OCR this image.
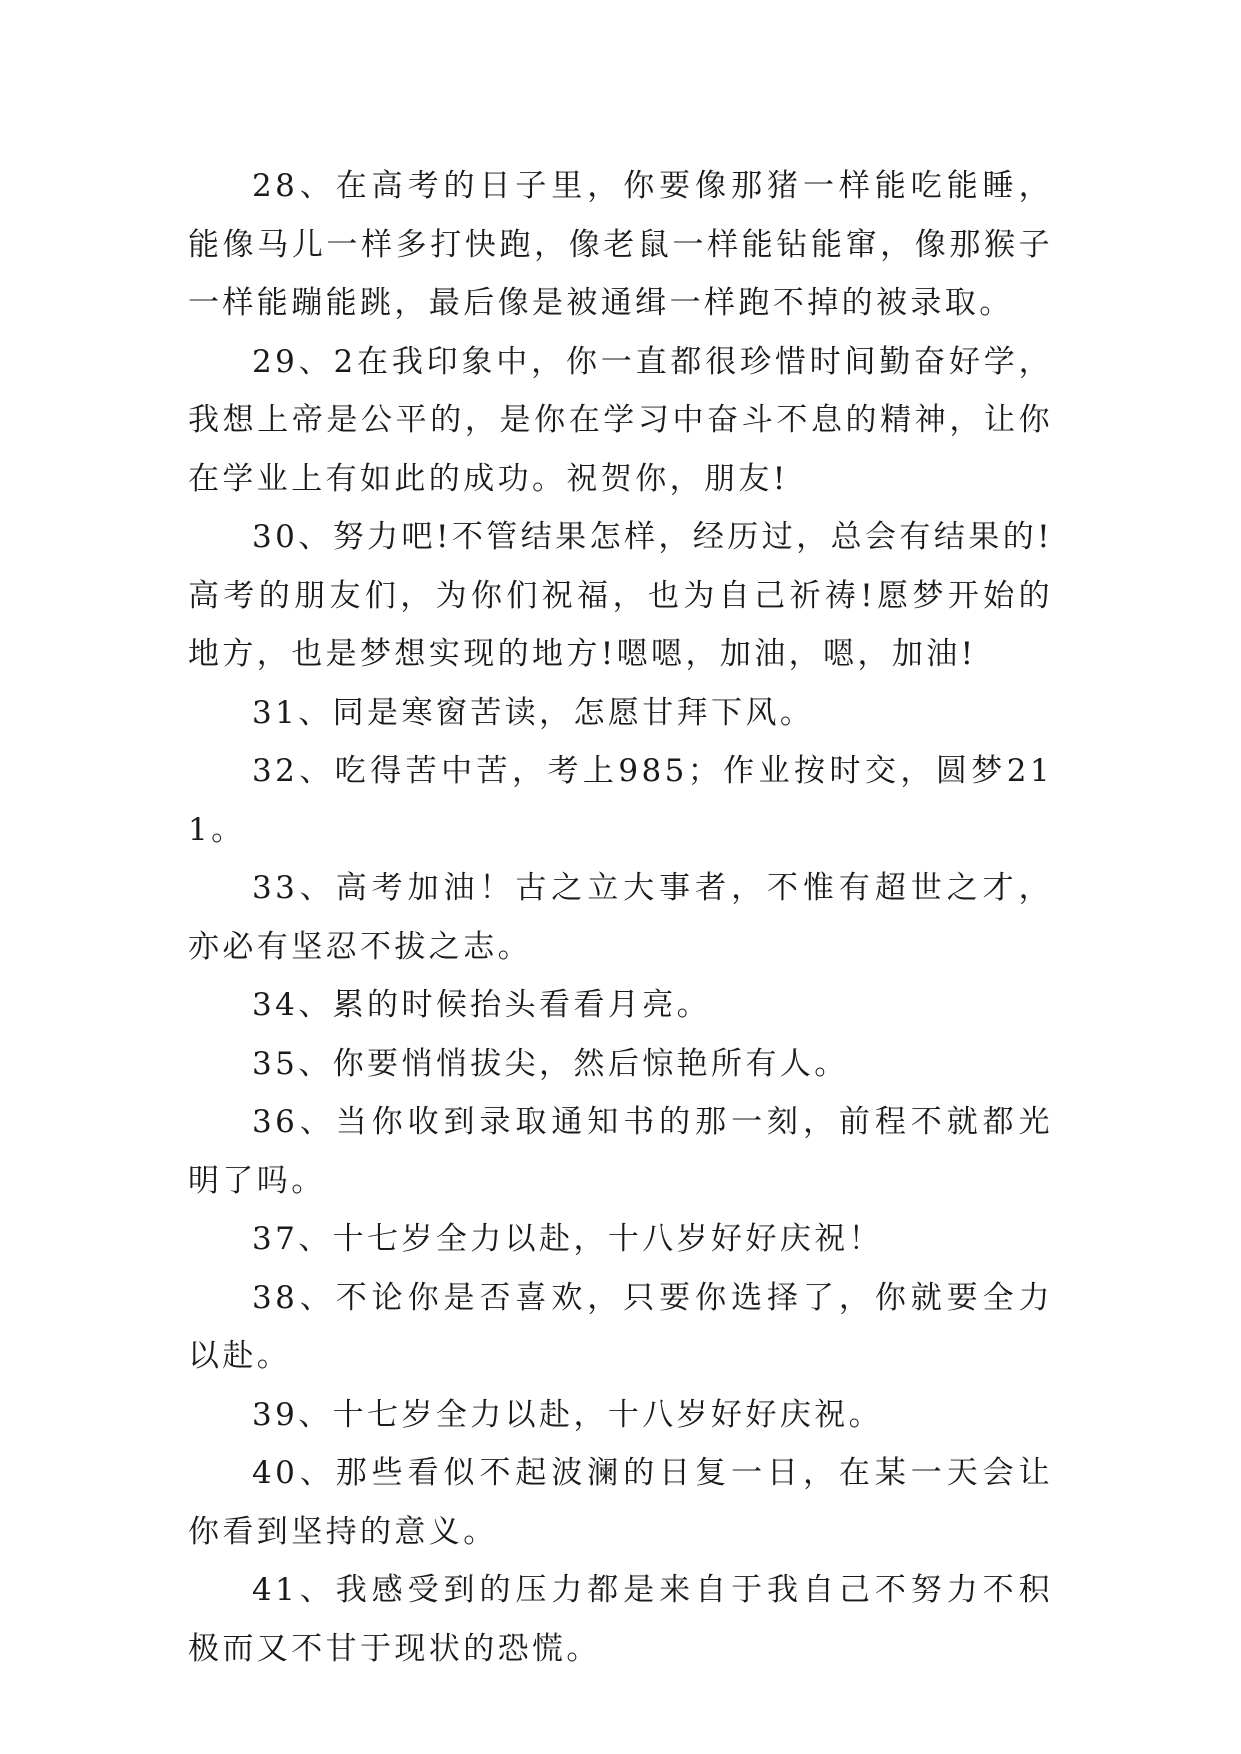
28、在高考的日子里，你要像那猪一样能吃能睡，能像马儿一样多打快跑，像老鼠一样能钻能窜，像那猴子一样能蹦能跳，最后像是被通缉一样跑不掉的被录取。

29、2在我印象中，你一直都很珍惜时间勤奋好学，我想上帝是公平的，是你在学习中奋斗不息的精神，让你在学业上有如此的成功。祝贺你，朋友!

30、努力吧!不管结果怎样，经历过，总会有结果的!高考的朋友们，为你们祝福，也为自己祈祷!愿梦开始的地方，也是梦想实现的地方!嗯嗯，加油，嗯，加油!

31、同是寒窗苦读，怎愿甘拜下风。

32、吃得苦中苦，考上985；作业按时交，圆梦211。

33、高考加油！古之立大事者，不惟有超世之才，亦必有坚忍不拔之志。

34、累的时候抬头看看月亮。

35、你要悄悄拔尖，然后惊艳所有人。

36、当你收到录取通知书的那一刻，前程不就都光明了吗。

37、十七岁全力以赴，十八岁好好庆祝！

38、不论你是否喜欢，只要你选择了，你就要全力以赴。

39、十七岁全力以赴，十八岁好好庆祝。

40、那些看似不起波澜的日复一日，在某一天会让你看到坚持的意义。

41、我感受到的压力都是来自于我自己不努力不积极而又不甘于现状的恐慌。
